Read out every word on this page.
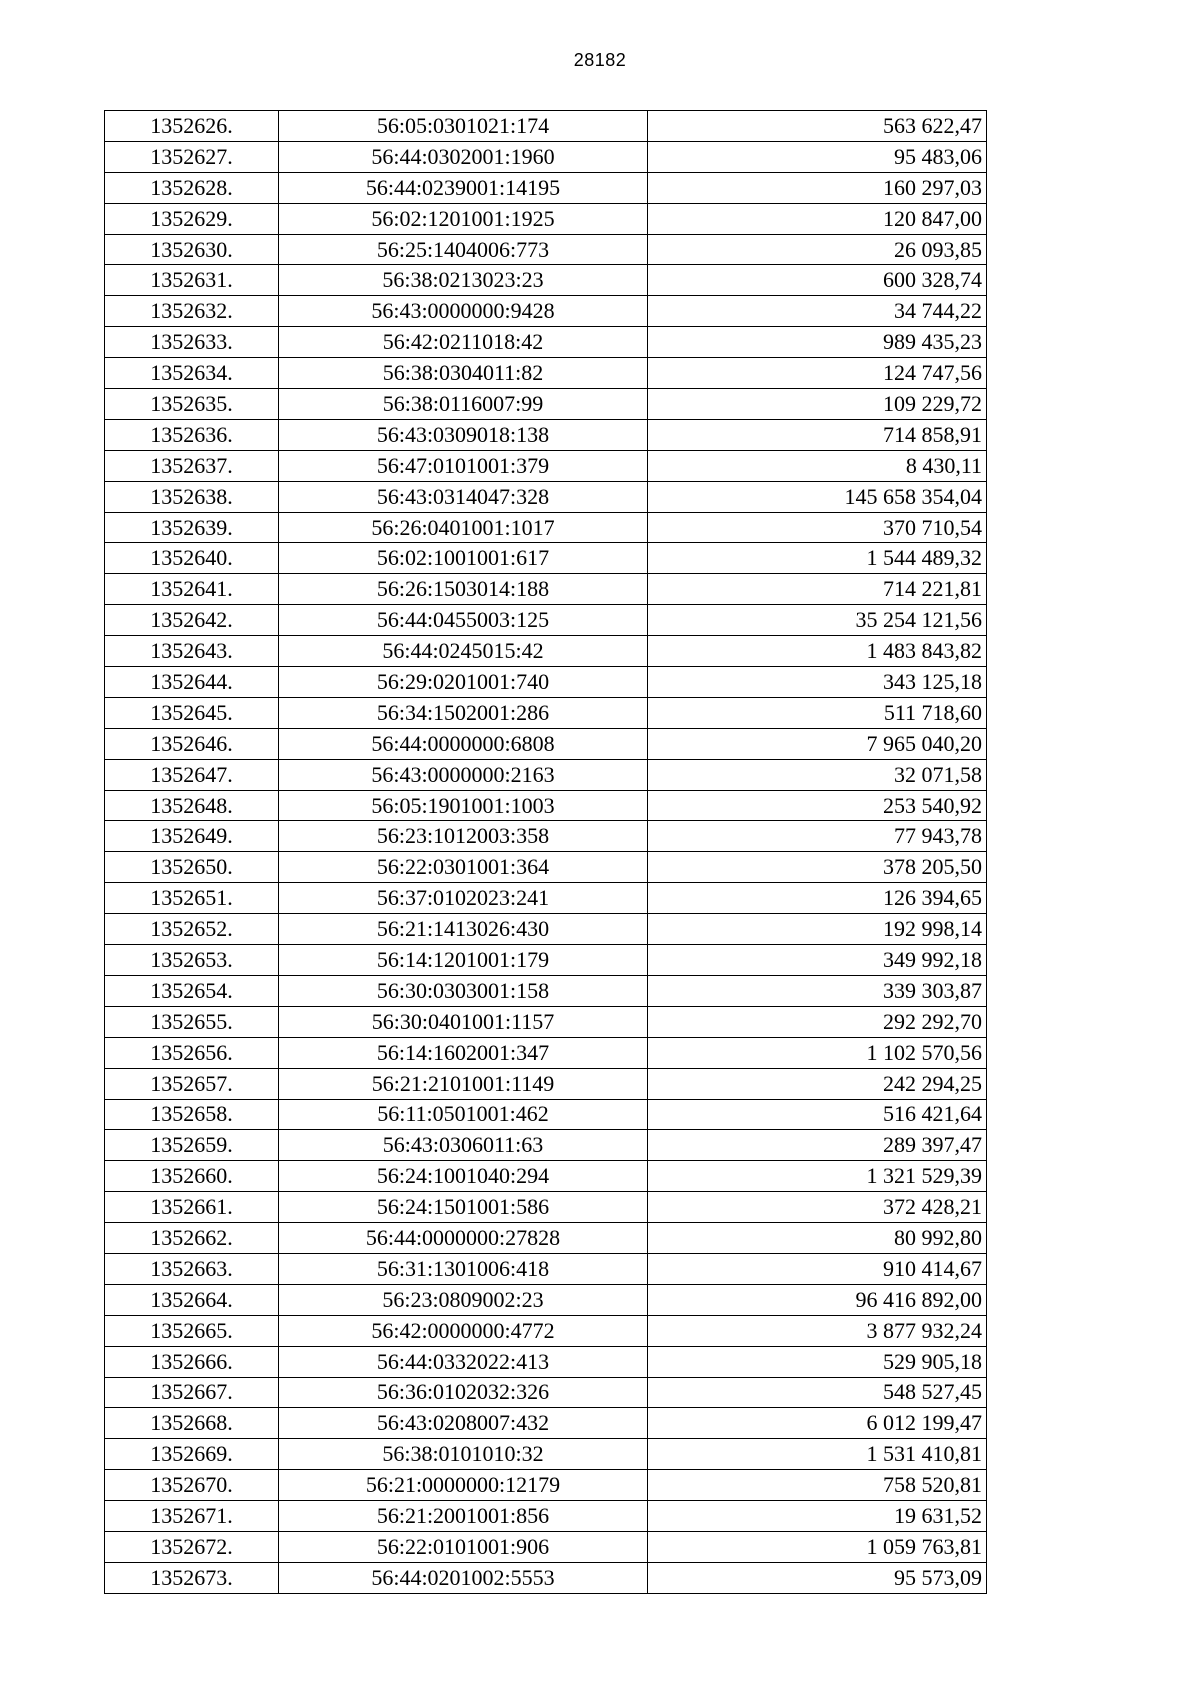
28182
1352626.	56:05:0301021:174	563 622,47
1352627.	56:44:0302001:1960	95 483,06
1352628.	56:44:0239001:14195	160 297,03
1352629.	56:02:1201001:1925	120 847,00
1352630.	56:25:1404006:773	26 093,85
1352631.	56:38:0213023:23	600 328,74
1352632.	56:43:0000000:9428	34 744,22
1352633.	56:42:0211018:42	989 435,23
1352634.	56:38:0304011:82	124 747,56
1352635.	56:38:0116007:99	109 229,72
1352636.	56:43:0309018:138	714 858,91
1352637.	56:47:0101001:379	8 430,11
1352638.	56:43:0314047:328	145 658 354,04
1352639.	56:26:0401001:1017	370 710,54
1352640.	56:02:1001001:617	1 544 489,32
1352641.	56:26:1503014:188	714 221,81
1352642.	56:44:0455003:125	35 254 121,56
1352643.	56:44:0245015:42	1 483 843,82
1352644.	56:29:0201001:740	343 125,18
1352645.	56:34:1502001:286	511 718,60
1352646.	56:44:0000000:6808	7 965 040,20
1352647.	56:43:0000000:2163	32 071,58
1352648.	56:05:1901001:1003	253 540,92
1352649.	56:23:1012003:358	77 943,78
1352650.	56:22:0301001:364	378 205,50
1352651.	56:37:0102023:241	126 394,65
1352652.	56:21:1413026:430	192 998,14
1352653.	56:14:1201001:179	349 992,18
1352654.	56:30:0303001:158	339 303,87
1352655.	56:30:0401001:1157	292 292,70
1352656.	56:14:1602001:347	1 102 570,56
1352657.	56:21:2101001:1149	242 294,25
1352658.	56:11:0501001:462	516 421,64
1352659.	56:43:0306011:63	289 397,47
1352660.	56:24:1001040:294	1 321 529,39
1352661.	56:24:1501001:586	372 428,21
1352662.	56:44:0000000:27828	80 992,80
1352663.	56:31:1301006:418	910 414,67
1352664.	56:23:0809002:23	96 416 892,00
1352665.	56:42:0000000:4772	3 877 932,24
1352666.	56:44:0332022:413	529 905,18
1352667.	56:36:0102032:326	548 527,45
1352668.	56:43:0208007:432	6 012 199,47
1352669.	56:38:0101010:32	1 531 410,81
1352670.	56:21:0000000:12179	758 520,81
1352671.	56:21:2001001:856	19 631,52
1352672.	56:22:0101001:906	1 059 763,81
1352673.	56:44:0201002:5553	95 573,09
